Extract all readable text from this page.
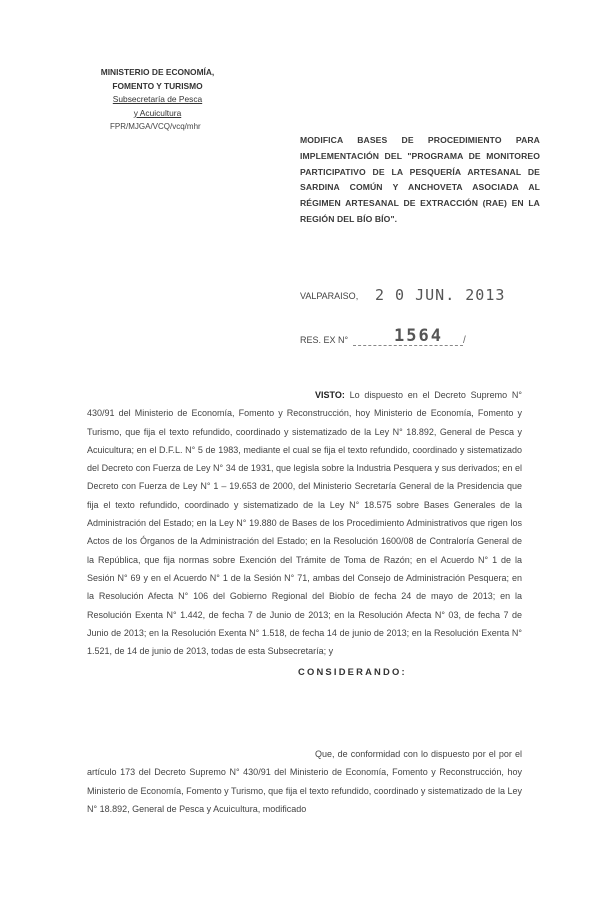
MINISTERIO DE ECONOMÍA,
FOMENTO Y TURISMO
Subsecretaría de Pesca
y Acuicultura
FPR/MJGA/VCQ/vcq/mhr
MODIFICA BASES DE PROCEDIMIENTO PARA IMPLEMENTACIÓN DEL "PROGRAMA DE MONITOREO PARTICIPATIVO DE LA PESQUERÍA ARTESANAL DE SARDINA COMÚN Y ANCHOVETA ASOCIADA AL RÉGIMEN ARTESANAL DE EXTRACCIÓN (RAE) EN LA REGIÓN DEL BÍO BÍO".
VALPARAISO, 2 0 JUN. 2013
RES. EX N°	1564 /
VISTO: Lo dispuesto en el Decreto Supremo N° 430/91 del Ministerio de Economía, Fomento y Reconstrucción, hoy Ministerio de Economía, Fomento y Turismo, que fija el texto refundido, coordinado y sistematizado de la Ley N° 18.892, General de Pesca y Acuicultura; en el D.F.L. N° 5 de 1983, mediante el cual se fija el texto refundido, coordinado y sistematizado del Decreto con Fuerza de Ley N° 34 de 1931, que legisla sobre la Industria Pesquera y sus derivados; en el Decreto con Fuerza de Ley N° 1 – 19.653 de 2000, del Ministerio Secretaría General de la Presidencia que fija el texto refundido, coordinado y sistematizado de la Ley N° 18.575 sobre Bases Generales de la Administración del Estado; en la Ley N° 19.880 de Bases de los Procedimiento Administrativos que rigen los Actos de los Órganos de la Administración del Estado; en la Resolución 1600/08 de Contraloría General de la República, que fija normas sobre Exención del Trámite de Toma de Razón; en el Acuerdo N° 1 de la Sesión N° 69 y en el Acuerdo N° 1 de la Sesión N° 71, ambas del Consejo de Administración Pesquera; en la Resolución Afecta N° 106 del Gobierno Regional del Biobío de fecha 24 de mayo de 2013; en la Resolución Exenta N° 1.442, de fecha 7 de Junio de 2013; en la Resolución Afecta N° 03, de fecha 7 de Junio de 2013; en la Resolución Exenta N° 1.518, de fecha 14 de junio de 2013; en la Resolución Exenta N° 1.521, de 14 de junio de 2013, todas de esta Subsecretaría; y
CONSIDERANDO:
Que, de conformidad con lo dispuesto por el por el artículo 173 del Decreto Supremo N° 430/91 del Ministerio de Economía, Fomento y Reconstrucción, hoy Ministerio de Economía, Fomento y Turismo, que fija el texto refundido, coordinado y sistematizado de la Ley N° 18.892, General de Pesca y Acuicultura, modificado
